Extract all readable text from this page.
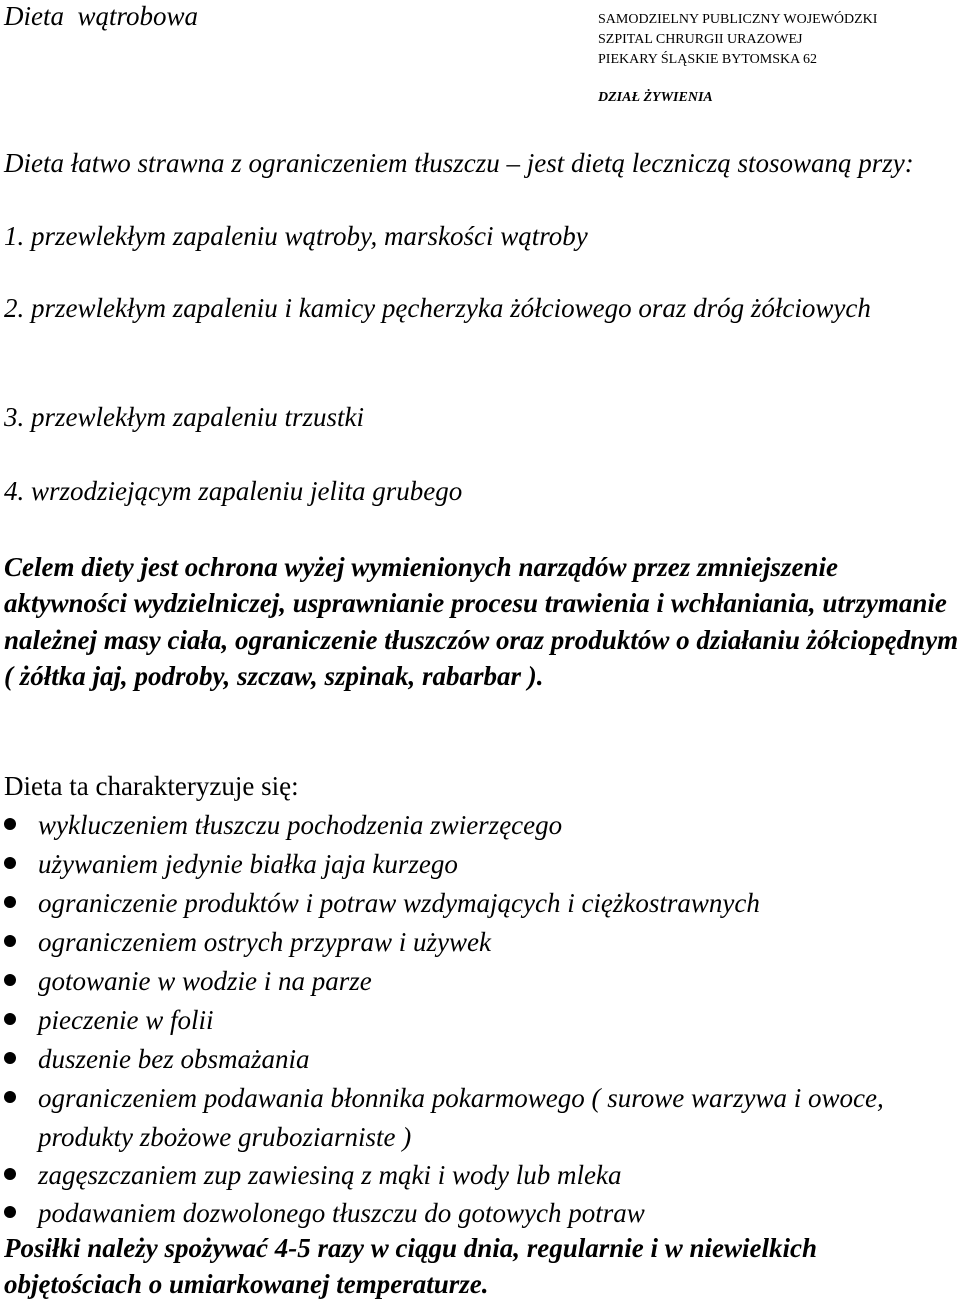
Dieta  wątrobowa	SAMODZIELNY PUBLICZNY WOJEWÓDZKI
SZPITAL CHRURGII URAZOWEJ
PIEKARY ŚLĄSKIE BYTOMSKA 62
DZIAŁ ŻYWIENIA
Dieta łatwo strawna z ograniczeniem tłuszczu – jest dietą leczniczą stosowaną przy:
1. przewlekłym zapaleniu wątroby, marskości wątroby
2. przewlekłym zapaleniu i kamicy pęcherzyka żółciowego oraz dróg żółciowych
3. przewlekłym zapaleniu trzustki
4. wrzodziejącym zapaleniu jelita grubego
Celem diety jest ochrona wyżej wymienionych narządów przez zmniejszenie aktywności wydzielniczej, usprawnianie procesu trawienia i wchłaniania, utrzymanie należnej masy ciała, ograniczenie tłuszczów oraz produktów o działaniu żółciopędnym
( żółtka jaj, podroby, szczaw, szpinak, rabarbar ).
Dieta ta charakteryzuje się:
wykluczeniem tłuszczu pochodzenia zwierzęcego
używaniem jedynie białka jaja kurzego
ograniczenie produktów i potraw wzdymających i ciężkostrawnych
ograniczeniem ostrych przypraw i używek
gotowanie w wodzie i na parze
pieczenie w folii
duszenie bez obsmażania
ograniczeniem podawania błonnika pokarmowego ( surowe warzywa i owoce, produkty zbożowe gruboziarniste )
zagęszczaniem zup zawiesiną z mąki i wody lub mleka
podawaniem dozwolonego tłuszczu do gotowych potraw
Posiłki należy spożywać 4-5 razy w ciągu dnia, regularnie i w niewielkich objętościach o umiarkowanej temperaturze.
